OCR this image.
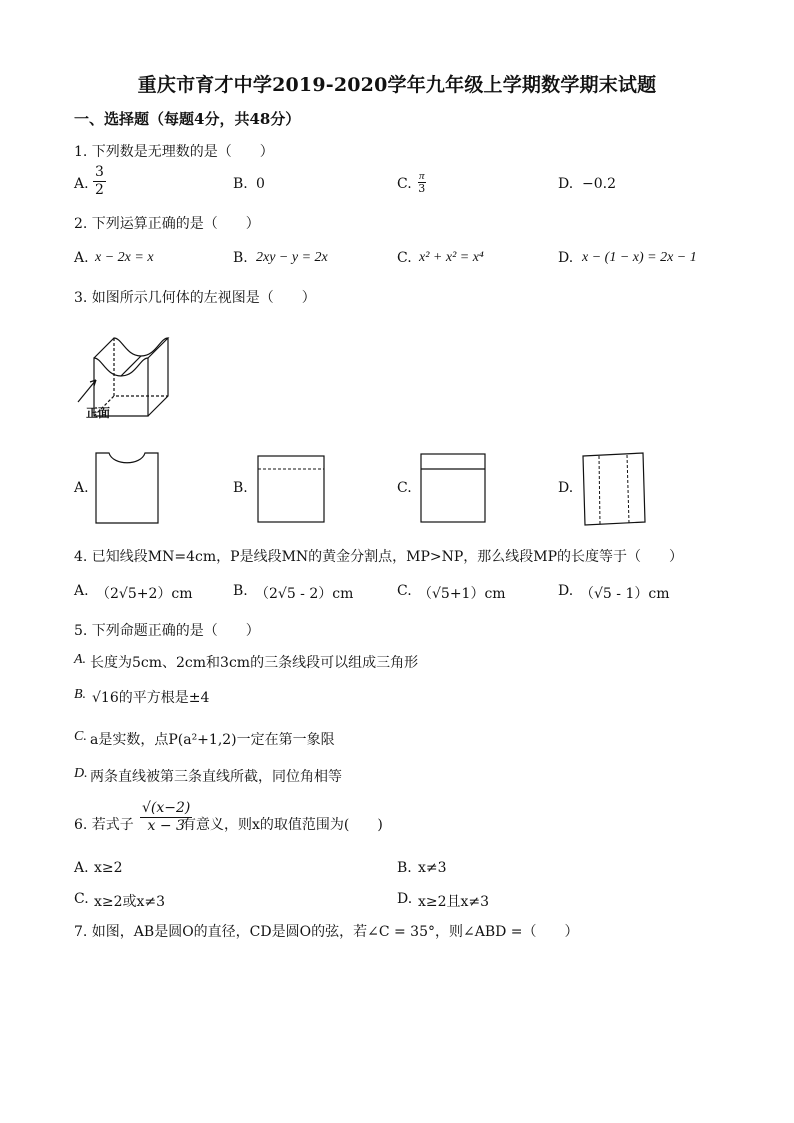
重庆市育才中学2019-2020学年九年级上学期数学期末试题
一、选择题（每题4分，共48分）
1. 下列数是无理数的是（　　）
A. $\frac{3}{2}$	B. 0	C. $\frac{\pi}{3}$	D. −0.2
2. 下列运算正确的是（　　）
A. x − 2x = x	B. 2xy − y = 2x	C. x² + x² = x⁴	D. x − (1 − x) = 2x − 1
3. 如图所示几何体的左视图是（　　）
正面
A.	B.	C.	D.
4. 已知线段MN=4cm，P是线段MN的黄金分割点，MP>NP，那么线段MP的长度等于（　　）
A. （2√5+2）cm	B. （2√5 - 2）cm	C. （√5+1）cm	D. （√5 - 1）cm
5. 下列命题正确的是（　　）
A. 长度为5cm、2cm和3cm的三条线段可以组成三角形
B. √16的平方根是±4
C. a是实数，点P(a²+1,2)一定在第一象限
D. 两条直线被第三条直线所截，同位角相等
6. 若式子 $\frac{√(x-2)}{x - 3}$
有意义，则x的取值范围为(　　)
A. x≥2	B. x≠3
C. x≥2或x≠3	D. x≥2且x≠3
7. 如图，AB是圆O的直径，CD是圆O的弦，若∠C = 35°，则∠ABD =（　　）
